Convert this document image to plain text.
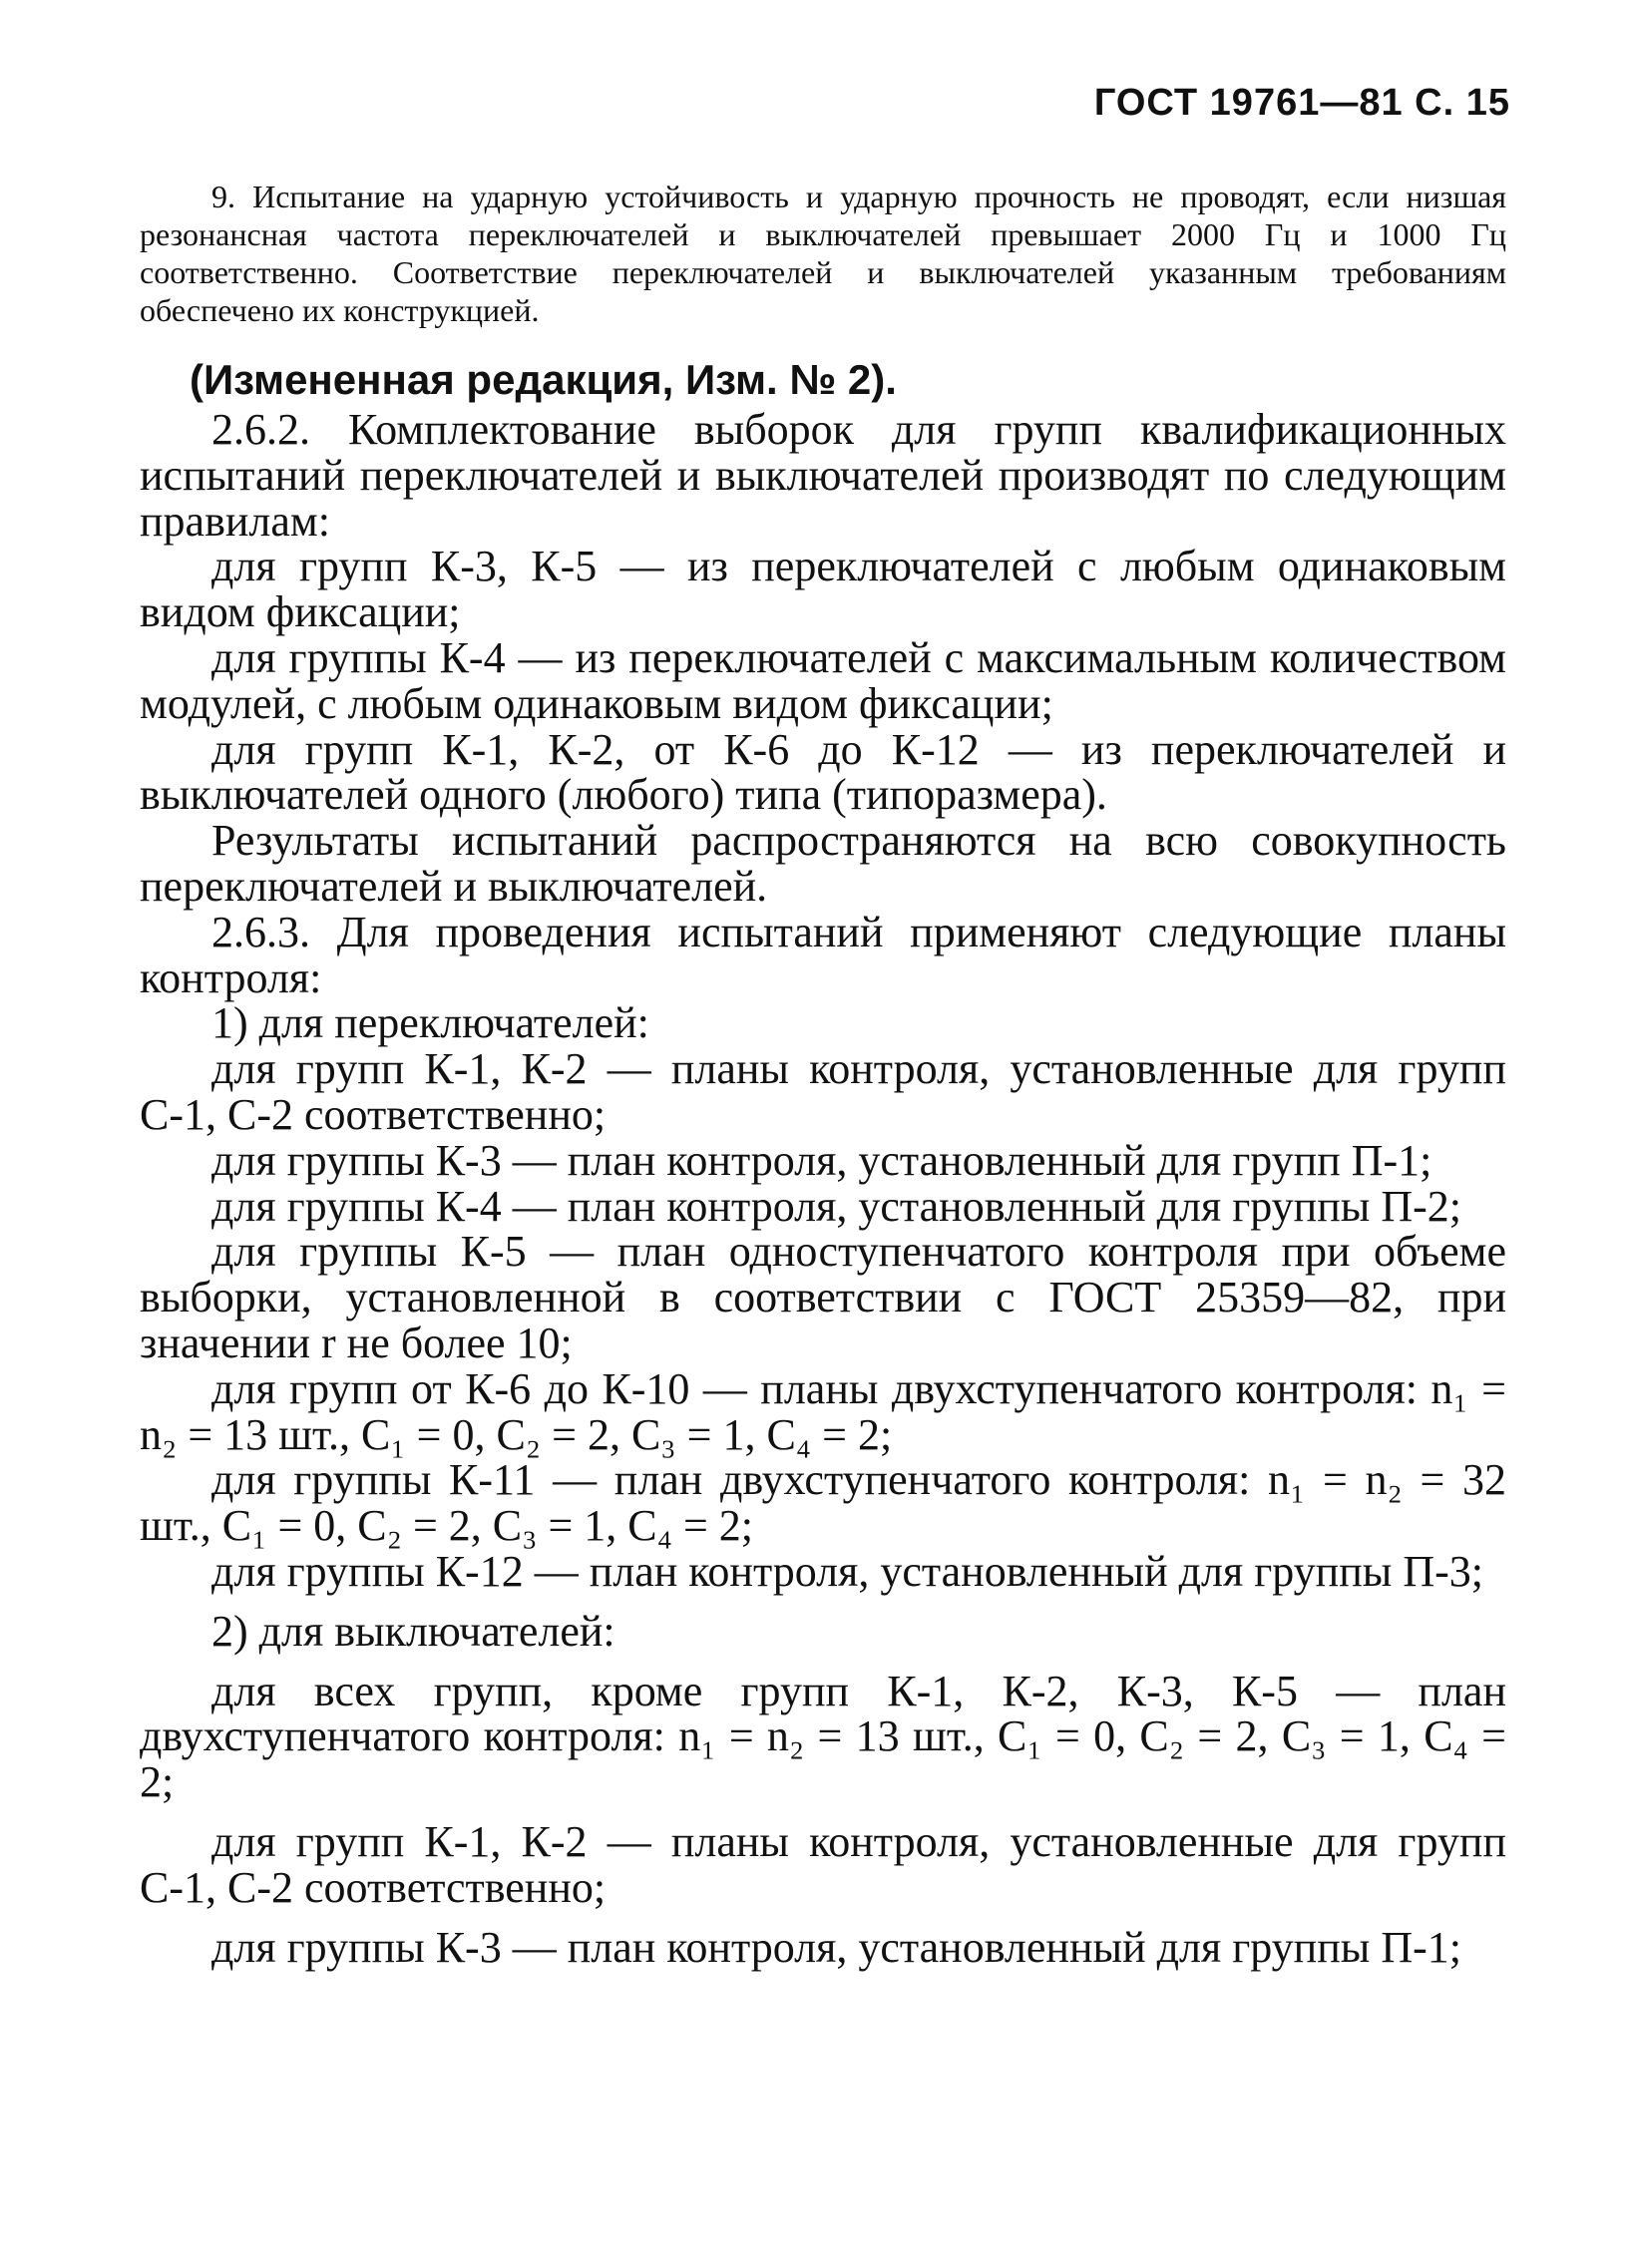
ГОСТ 19761—81 С. 15

9. Испытание на ударную устойчивость и ударную прочность не проводят, если низшая резонансная частота переключателей и выключателей превышает 2000 Гц и 1000 Гц соответственно. Соответствие переключателей и выключателей указанным требованиям обеспечено их конструкцией.

(Измененная редакция, Изм. № 2).

2.6.2. Комплектование выборок для групп квалификационных испытаний переключателей и выключателей производят по следующим правилам:

для групп К-3, К-5 — из переключателей с любым одинаковым видом фиксации;

для группы К-4 — из переключателей с максимальным количеством модулей, с любым одинаковым видом фиксации;

для групп К-1, К-2, от К-6 до К-12 — из переключателей и выключателей одного (любого) типа (типоразмера).

Результаты испытаний распространяются на всю совокупность переключателей и выключателей.

2.6.3. Для проведения испытаний применяют следующие планы контроля:

1) для переключателей:

для групп К-1, К-2 — планы контроля, установленные для групп С-1, С-2 соответственно;

для группы К-3 — план контроля, установленный для групп П-1;

для группы К-4 — план контроля, установленный для группы П-2;

для группы К-5 — план одноступенчатого контроля при объеме выборки, установленной в соответствии с ГОСТ 25359—82, при значении r не более 10;

для групп от К-6 до К-10 — планы двухступенчатого контроля: n₁ = n₂ = 13 шт., C₁ = 0, C₂ = 2, C₃ = 1, C₄ = 2;

для группы К-11 — план двухступенчатого контроля: n₁ = n₂ = 32 шт., C₁ = 0, C₂ = 2, C₃ = 1, C₄ = 2;

для группы К-12 — план контроля, установленный для группы П-3;

2) для выключателей:

для всех групп, кроме групп К-1, К-2, К-3, К-5 — план двухступенчатого контроля: n₁ = n₂ = 13 шт., C₁ = 0, C₂ = 2, C₃ = 1, C₄ = 2;

для групп К-1, К-2 — планы контроля, установленные для групп С-1, С-2 соответственно;

для группы К-3 — план контроля, установленный для группы П-1;
